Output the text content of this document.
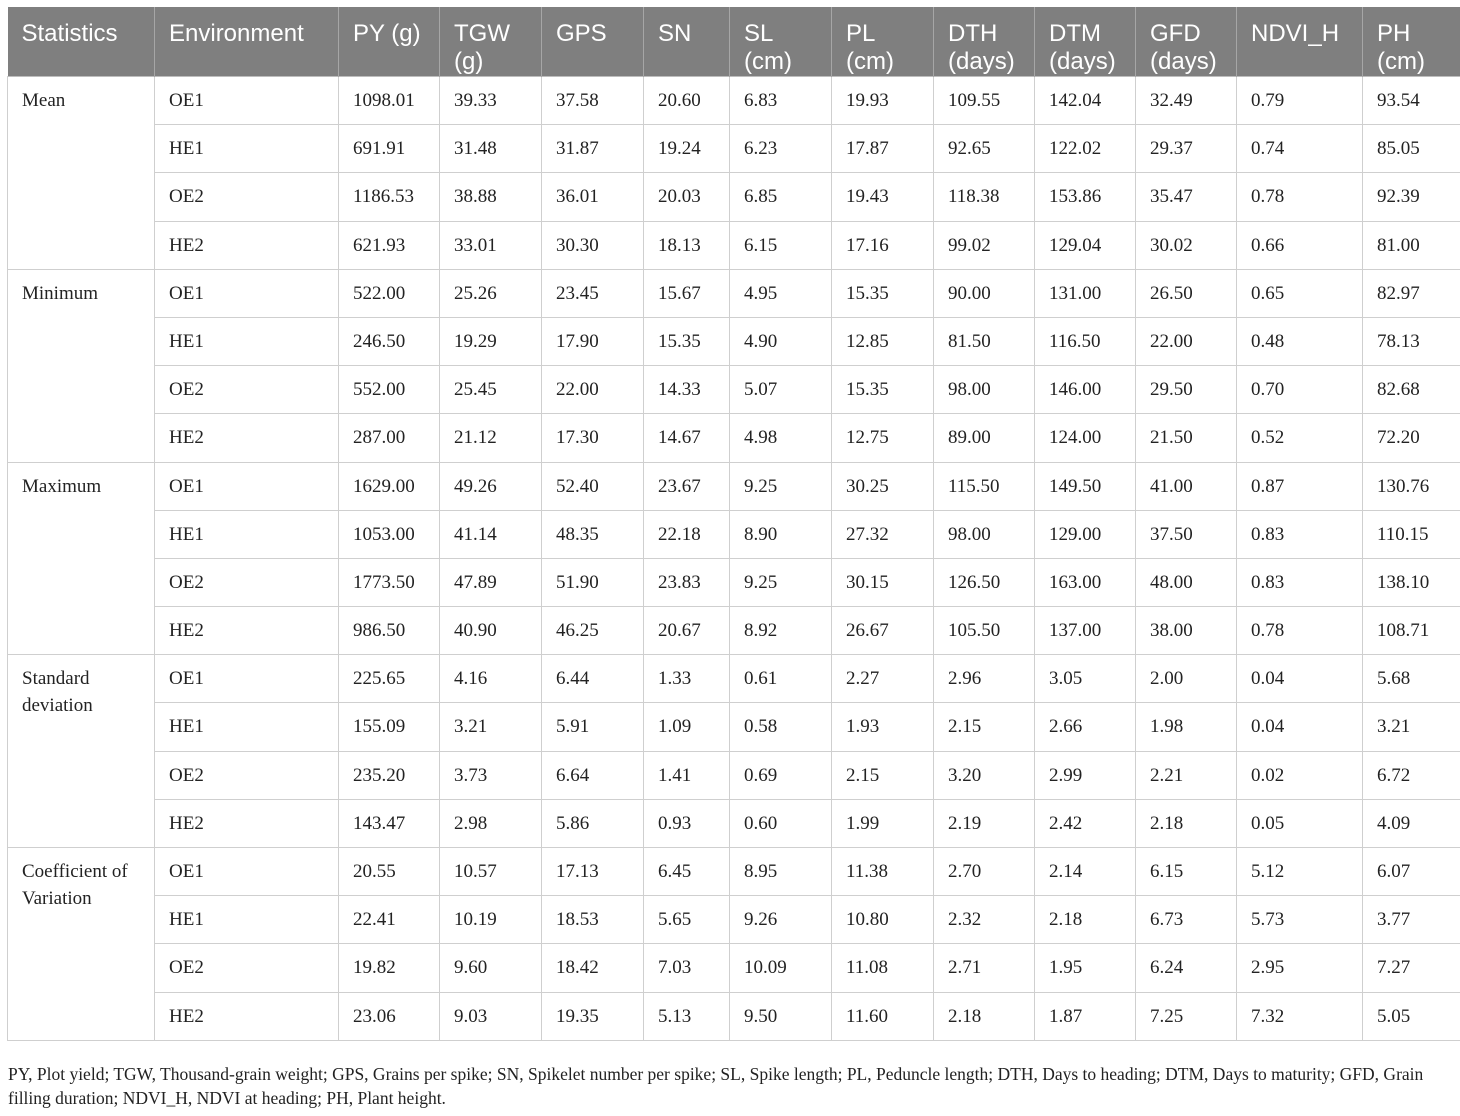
Statistics	Environment	PY (g)	TGW (g)	GPS	SN	SL (cm)	PL (cm)	DTH (days)	DTM (days)	GFD (days)	NDVI_H	PH (cm)
Mean	OE1	1098.01	39.33	37.58	20.60	6.83	19.93	109.55	142.04	32.49	0.79	93.54
	HE1	691.91	31.48	31.87	19.24	6.23	17.87	92.65	122.02	29.37	0.74	85.05
	OE2	1186.53	38.88	36.01	20.03	6.85	19.43	118.38	153.86	35.47	0.78	92.39
	HE2	621.93	33.01	30.30	18.13	6.15	17.16	99.02	129.04	30.02	0.66	81.00
Minimum	OE1	522.00	25.26	23.45	15.67	4.95	15.35	90.00	131.00	26.50	0.65	82.97
	HE1	246.50	19.29	17.90	15.35	4.90	12.85	81.50	116.50	22.00	0.48	78.13
	OE2	552.00	25.45	22.00	14.33	5.07	15.35	98.00	146.00	29.50	0.70	82.68
	HE2	287.00	21.12	17.30	14.67	4.98	12.75	89.00	124.00	21.50	0.52	72.20
Maximum	OE1	1629.00	49.26	52.40	23.67	9.25	30.25	115.50	149.50	41.00	0.87	130.76
	HE1	1053.00	41.14	48.35	22.18	8.90	27.32	98.00	129.00	37.50	0.83	110.15
	OE2	1773.50	47.89	51.90	23.83	9.25	30.15	126.50	163.00	48.00	0.83	138.10
	HE2	986.50	40.90	46.25	20.67	8.92	26.67	105.50	137.00	38.00	0.78	108.71
Standard deviation	OE1	225.65	4.16	6.44	1.33	0.61	2.27	2.96	3.05	2.00	0.04	5.68
	HE1	155.09	3.21	5.91	1.09	0.58	1.93	2.15	2.66	1.98	0.04	3.21
	OE2	235.20	3.73	6.64	1.41	0.69	2.15	3.20	2.99	2.21	0.02	6.72
	HE2	143.47	2.98	5.86	0.93	0.60	1.99	2.19	2.42	2.18	0.05	4.09
Coefficient of Variation	OE1	20.55	10.57	17.13	6.45	8.95	11.38	2.70	2.14	6.15	5.12	6.07
	HE1	22.41	10.19	18.53	5.65	9.26	10.80	2.32	2.18	6.73	5.73	3.77
	OE2	19.82	9.60	18.42	7.03	10.09	11.08	2.71	1.95	6.24	2.95	7.27
	HE2	23.06	9.03	19.35	5.13	9.50	11.60	2.18	1.87	7.25	7.32	5.05
PY, Plot yield; TGW, Thousand-grain weight; GPS, Grains per spike; SN, Spikelet number per spike; SL, Spike length; PL, Peduncle length; DTH, Days to heading; DTM, Days to maturity; GFD, Grain filling duration; NDVI_H, NDVI at heading; PH, Plant height.
